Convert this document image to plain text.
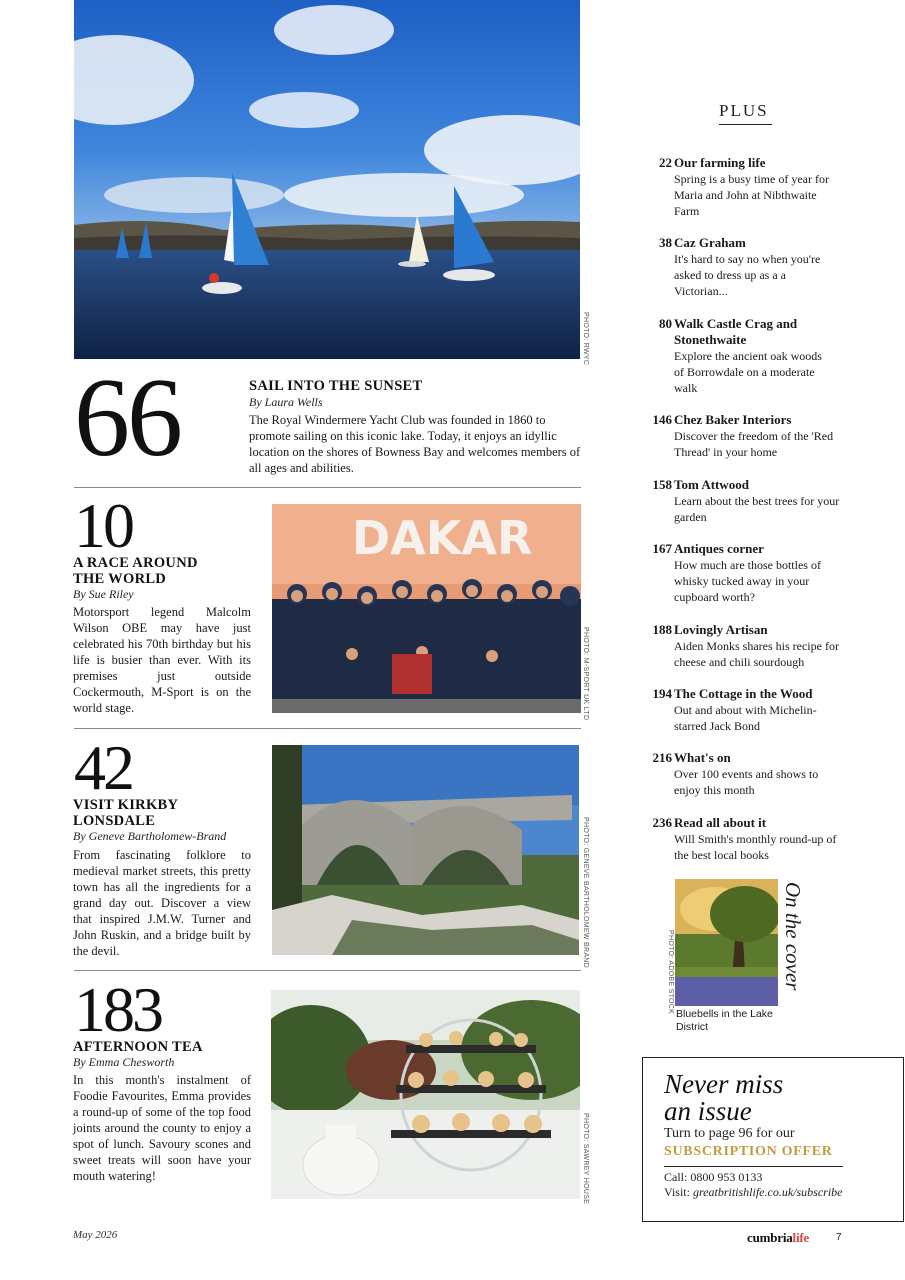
PHOTO: RWYC
66	SAIL INTO THE SUNSET

By Laura Wells

The Royal Windermere Yacht Club was founded in 1860 to promote sailing on this iconic lake. Today, it enjoys an idyllic location on the shores of Bowness Bay and welcomes members of all ages and abilities.

10

A RACE AROUND
THE WORLD

By Sue Riley

Motorsport legend Malcolm Wilson OBE may have just celebrated his 70th birthday but his life is busier than ever. With its premises just outside Cockermouth, M-Sport is on the world stage.

DAKAR
PHOTO: M-SPORT UK LTD
42

VISIT KIRKBY
LONSDALE

By Geneve Bartholomew-Brand

From fascinating folklore to medieval market streets, this pretty town has all the ingredients for a grand day out. Discover a view that inspired J.M.W. Turner and John Ruskin, and a bridge built by the devil.	PHOTO: GENEVE BARTHOLOMEW BRAND
183

AFTERNOON TEA

By Emma Chesworth

In this month's instalment of Foodie Favourites, Emma provides a round-up of some of the top food joints around the county to enjoy a spot of lunch. Savoury scones and sweet treats will soon have your mouth watering!	PHOTO: SAWREY HOUSE
PLUS
22 Our farming life

Spring is a busy time of year for Maria and John at Nibthwaite Farm

38 Caz Graham

It's hard to say no when you're asked to dress up as a a Victorian...

80 Walk Castle Crag and Stonethwaite

Explore the ancient oak woods of Borrowdale on a moderate walk

146 Chez Baker Interiors

Discover the freedom of the 'Red Thread' in your home

158 Tom Attwood

Learn about the best trees for your garden

167 Antiques corner

How much are those bottles of whisky tucked away in your cupboard worth?

188 Lovingly Artisan

Aiden Monks shares his recipe for cheese and chili sourdough

194 The Cottage in the Wood

Out and about with Michelin-starred Jack Bond

216 What's on

Over 100 events and shows to enjoy this month

236 Read all about it

Will Smith's monthly round-up of the best local books

PHOTO: ADOBE STOCK	On the cover

Bluebells in the Lake District

Never miss

an issue

Turn to page 96 for our

SUBSCRIPTION OFFER

Call: 0800 953 0133

Visit: greatbritishlife.co.uk/subscribe

May 2026	cumbrialife	7
